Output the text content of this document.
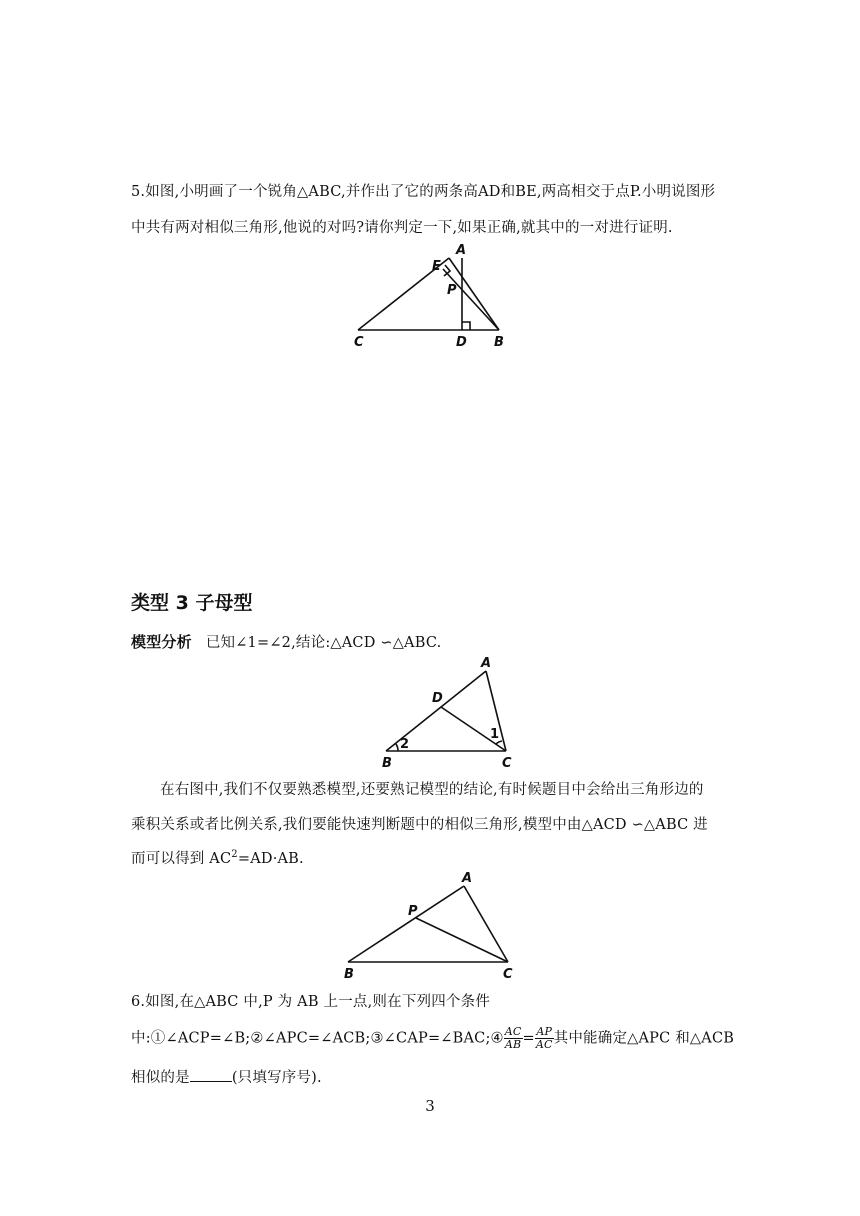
5.如图,小明画了一个锐角△ABC,并作出了它的两条高AD和BE,两高相交于点P.小明说图形
中共有两对相似三角形,他说的对吗?请你判定一下,如果正确,就其中的一对进行证明.
A
E
P
C	D B
类型 3 子母型
模型分析 已知∠1=∠2,结论:△ACD ∽△ABC.
A
D
B	C
1
2
在右图中,我们不仅要熟悉模型,还要熟记模型的结论,有时候题目中会给出三角形边的
乘积关系或者比例关系,我们要能快速判断题中的相似三角形,模型中由△ACD ∽△ABC 进
而可以得到 $AC^2=AD\cdot AB$.
A
P
B	C
6.如图,在△ABC 中,P 为 AB 上一点,则在下列四个条件
中:①∠ACP=∠B;②∠APC=∠ACB;③∠CAP=∠BAC;④ $\frac{AC}{AB} = \frac{AP}{AC}$ 其中能确定△APC 和△ACB
相似的是	(只填写序号).
3
